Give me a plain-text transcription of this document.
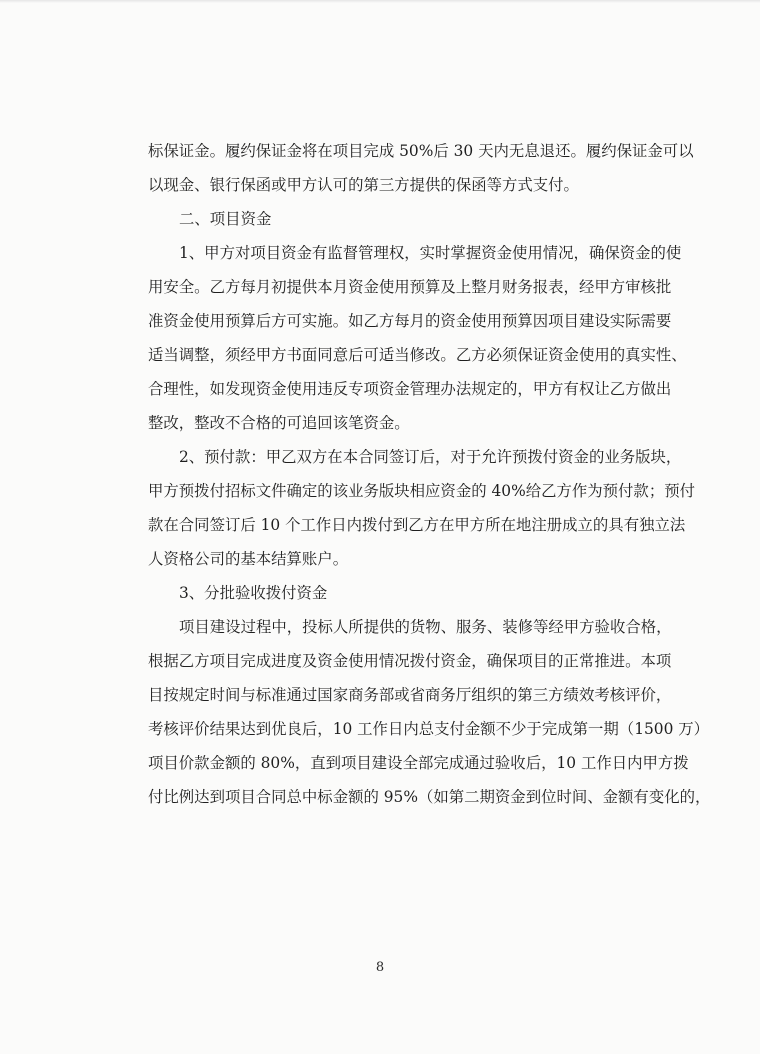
标保证金。履约保证金将在项目完成 50%后 30 天内无息退还。履约保证金可以
以现金、银行保函或甲方认可的第三方提供的保函等方式支付。
二、项目资金
1、甲方对项目资金有监督管理权，实时掌握资金使用情况，确保资金的使
用安全。乙方每月初提供本月资金使用预算及上整月财务报表，经甲方审核批
准资金使用预算后方可实施。如乙方每月的资金使用预算因项目建设实际需要
适当调整，须经甲方书面同意后可适当修改。乙方必须保证资金使用的真实性、
合理性，如发现资金使用违反专项资金管理办法规定的，甲方有权让乙方做出
整改，整改不合格的可追回该笔资金。
2、预付款：甲乙双方在本合同签订后，对于允许预拨付资金的业务版块，
甲方预拨付招标文件确定的该业务版块相应资金的 40%给乙方作为预付款；预付
款在合同签订后 10 个工作日内拨付到乙方在甲方所在地注册成立的具有独立法
人资格公司的基本结算账户。
3、分批验收拨付资金
项目建设过程中，投标人所提供的货物、服务、装修等经甲方验收合格，
根据乙方项目完成进度及资金使用情况拨付资金，确保项目的正常推进。本项
目按规定时间与标准通过国家商务部或省商务厅组织的第三方绩效考核评价，
考核评价结果达到优良后，10 工作日内总支付金额不少于完成第一期（1500 万）
项目价款金额的 80%，直到项目建设全部完成通过验收后，10 工作日内甲方拨
付比例达到项目合同总中标金额的 95%（如第二期资金到位时间、金额有变化的，
8
